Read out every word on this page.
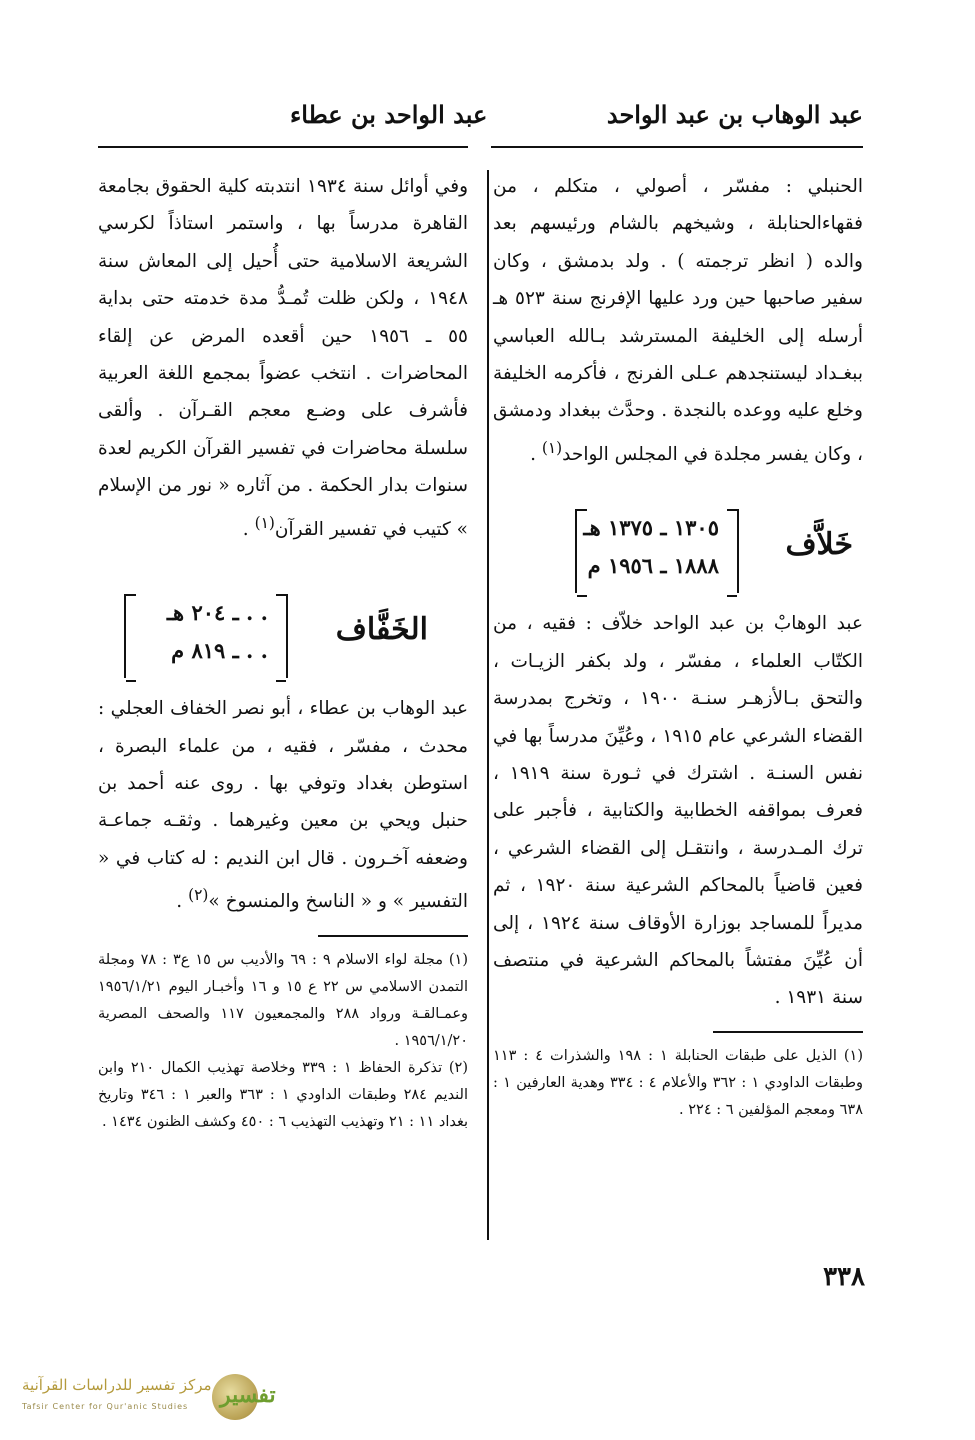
عبد الوهاب بن عبد الواحد
عبد الواحد بن عطاء

الحنبلي : مفسّر ، أصولي ، متكلم ، من فقهاءالحنابلة ، وشيخهم بالشام ورئيسهم بعد والده ( انظر ترجمته ) . ولد بدمشق ، وكان سفير صاحبها حين ورد عليها الإفرنج سنة ٥٢٣ هـ أرسله إلى الخليفة المسترشد بـالله العباسي ببغـداد ليستنجدهم عـلى الفرنج ، فأكرمه الخليفة وخلع عليه ووعده بالنجدة . وحدَّث ببغداد ودمشق ، وكان يفسر مجلدة في المجلس الواحد$^{(١)}$ .

خَلاَّف
١٣٠٥ ـ ١٣٧٥ هـ
١٨٨٨ ـ ١٩٥٦ م

عبد الوهابْ بن عبد الواحد خلاّف : فقيه ، من الكتّاب العلماء ، مفسّر ، ولد بكفر الزيـات ، والتحق بـالأزهـر سنـة ١٩٠٠ ، وتخرج بمدرسة القضاء الشرعي عام ١٩١٥ ، وعُيِّنَ مدرساً بها في نفس السنـة . اشترك في ثـورة سنة ١٩١٩ ، فعرف بمواقفه الخطابية والكتابية ، فأجبر على ترك المـدرسة ، وانتقـل إلى القضاء الشرعي ، فعين قاضياً بالمحاكم الشرعية سنة ١٩٢٠ ، ثم مديراً للمساجد بوزارة الأوقاف سنة ١٩٢٤ ، إلى أن عُيِّنَ مفتشاً بالمحاكم الشرعية في منتصف سنة ١٩٣١ .

(١) الذيل على طبقات الحنابلة ١ : ١٩٨ والشذرات ٤ : ١١٣ وطبقات الداودي ١ : ٣٦٢ والأعلام ٤ : ٣٣٤ وهدية العارفين ١ : ٦٣٨ ومعجم المؤلفين ٦ : ٢٢٤ .

وفي أوائل سنة ١٩٣٤ انتدبته كلية الحقوق بجامعة القاهرة مدرساً بها ، واستمر استاذاً لكرسي الشريعة الاسلامية حتى أُحيل إلى المعاش سنة ١٩٤٨ ، ولكن ظلت تُمـدُّ مدة خدمته حتى بداية ٥٥ ـ ١٩٥٦ حين أقعده المرض عن إلقاء المحاضرات . انتخب عضواً بمجمع اللغة العربية فأشرف على وضـع معجم القـرآن . وألقى سلسلة محاضرات في تفسير القرآن الكريم لعدة سنوات بدار الحكمة . من آثاره « نور من الإسلام » كتيب في تفسير القرآن$^{(١)}$ .

الخَفَّاف
. . ـ ٢٠٤ هـ
. . ـ ٨١٩ م

عبد الوهاب بن عطاء ، أبو نصر الخفاف العجلي : محدث ، مفسّر ، فقيه ، من علماء البصرة ، استوطن بغداد وتوفي بها . روى عنه أحمد بن حنبل ويحي بن معين وغيرهما . وثقـه جماعـة وضعفه آخـرون . قال ابن النديم : له كتاب في « التفسير » و « الناسخ والمنسوخ »$^{(٢)}$ .

(١) مجلة لواء الاسلام ٩ : ٦٩ والأديب س ١٥ ع٣ : ٧٨ ومجلة التمدن الاسلامي س ٢٢ ع ١٥ و ١٦ وأخبـار اليوم ١٩٥٦/١/٢١ وعمـالقـة ورواد ٢٨٨ والمجمعيون ١١٧ والصحف المصرية ١٩٥٦/١/٢٠ .

(٢) تذكرة الحفاظ ١ : ٣٣٩ وخلاصة تهذيب الكمال ٢١٠ وابن النديم ٢٨٤ وطبقات الداودي ١ : ٣٦٣ والعبر ١ : ٣٤٦ وتاريخ بغداد ١١ : ٢١ وتهذيب التهذيب ٦ : ٤٥٠ وكشف الظنون ١٤٣٤ .

٣٣٨
تفسير
مركز تفسير للدراسات القرآنية
Tafsir Center for Qur'anic Studies
